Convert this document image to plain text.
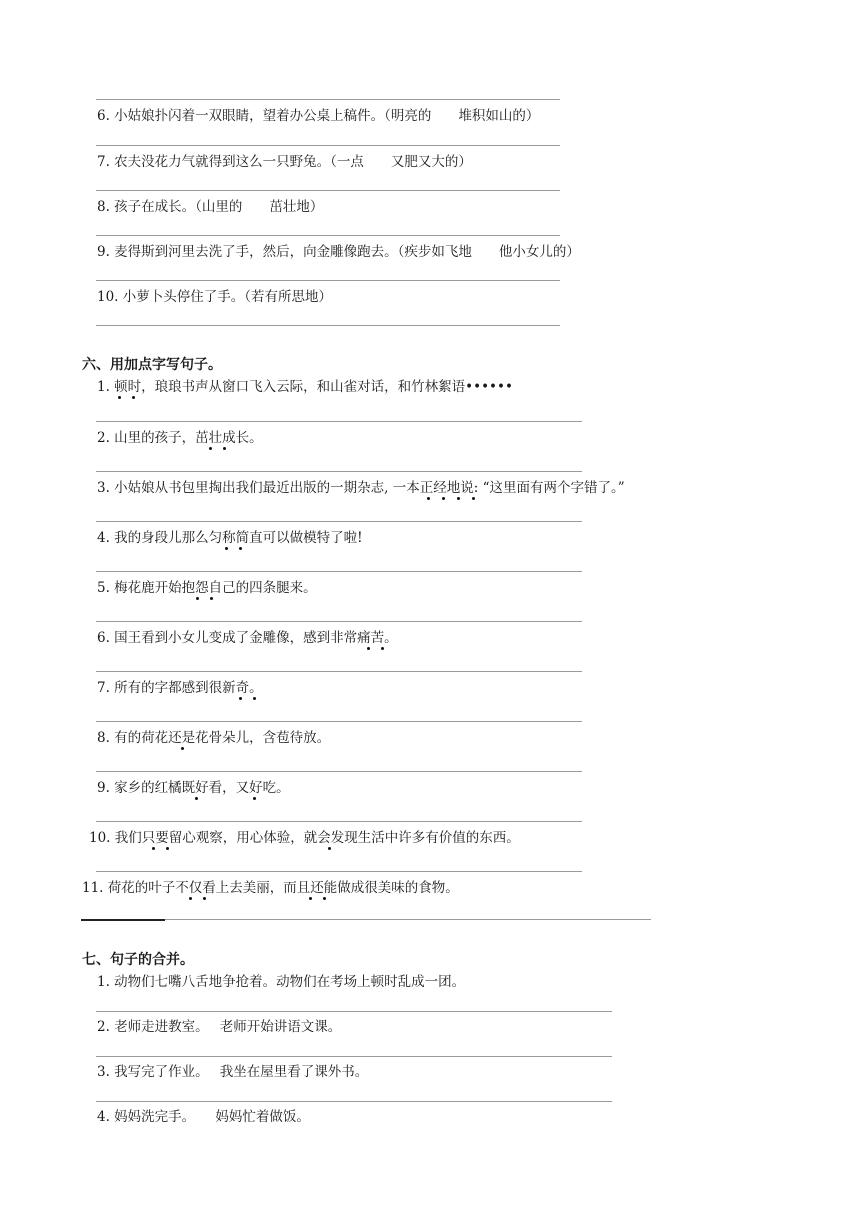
6. 小姑娘扑闪着一双眼睛，望着办公桌上稿件。（明亮的　　堆积如山的）
7. 农夫没花力气就得到这么一只野兔。（一点　　又肥又大的）
8. 孩子在成长。（山里的　　茁壮地）
9. 麦得斯到河里去洗了手，然后，向金雕像跑去。（疾步如飞地　　他小女儿的）
10. 小萝卜头停住了手。（若有所思地）
六、用加点字写句子。
1. 顿时，琅琅书声从窗口飞入云际，和山雀对话，和竹林絮语••••••
2. 山里的孩子，茁壮成长。
3. 小姑娘从书包里掏出我们最近出版的一期杂志, 一本正经地说: “这里面有两个字错了。”
4. 我的身段儿那么匀称简直可以做模特了啦!
5. 梅花鹿开始抱怨自己的四条腿来。
6. 国王看到小女儿变成了金雕像，感到非常痛苦。
7. 所有的字都感到很新奇。
8. 有的荷花还是花骨朵儿，含苞待放。
9. 家乡的红橘既好看，又好吃。
10. 我们只要留心观察，用心体验，就会发现生活中许多有价值的东西。
11. 荷花的叶子不仅看上去美丽，而且还能做成很美味的食物。
七、句子的合并。
1. 动物们七嘴八舌地争抢着。动物们在考场上顿时乱成一团。
2. 老师走进教室。　 老师开始讲语文课。
3. 我写完了作业。　 我坐在屋里看了课外书。
4. 妈妈洗完手。　　妈妈忙着做饭。
